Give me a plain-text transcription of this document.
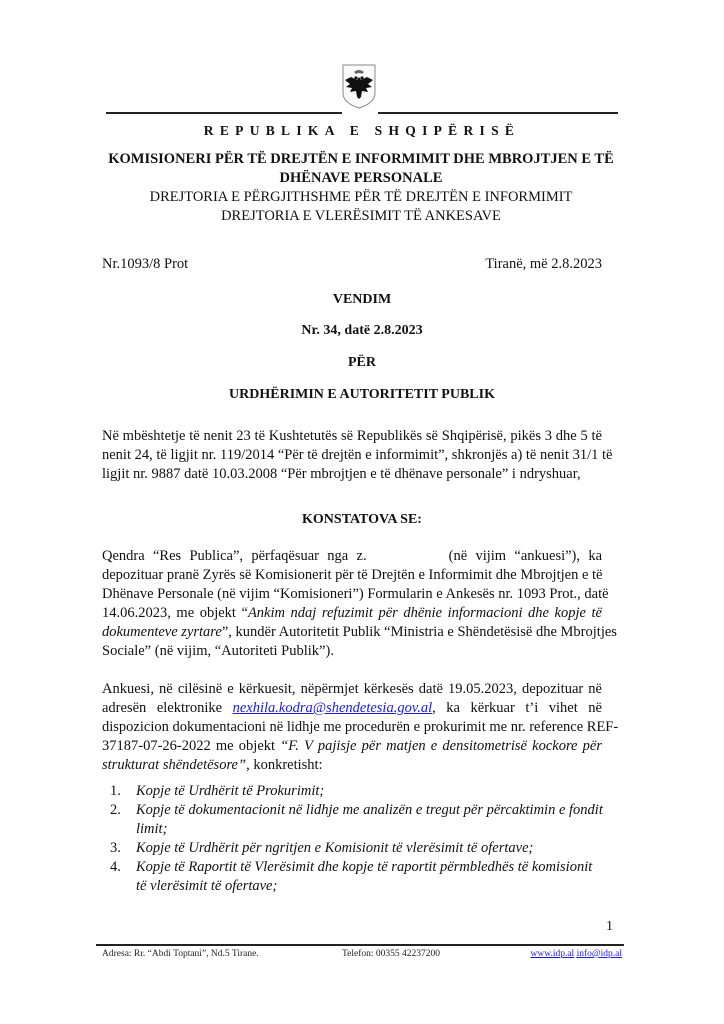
REPUBLIKA E SHQIPËRISË
KOMISIONERI PËR TË DREJTËN E INFORMIMIT DHE MBROJTJEN E TË
DHËNAVE PERSONALE
DREJTORIA E PËRGJITHSHME PËR TË DREJTËN E INFORMIMIT
DREJTORIA E VLERËSIMIT TË ANKESAVE
Nr.1093/8 Prot	Tiranë, më 2.8.2023
VENDIM
Nr. 34, datë 2.8.2023
PËR
URDHËRIMIN E AUTORITETIT PUBLIK
Në mbështetje të nenit 23 të Kushtetutës së Republikës së Shqipërisë, pikës 3 dhe 5 të
nenit 24, të ligjit nr. 119/2014 “Për të drejtën e informimit”, shkronjës a) të nenit 31/1 të
ligjit nr. 9887 datë 10.03.2008 “Për mbrojtjen e të dhënave personale” i ndryshuar,
KONSTATOVA SE:
Qendra “Res Publica”, përfaqësuar nga z.	(në vijim “ankuesi”), ka
depozituar pranë Zyrës së Komisionerit për të Drejtën e Informimit dhe Mbrojtjen e të
Dhënave Personale (në vijim “Komisioneri”) Formularin e Ankesës nr. 1093 Prot., datë
14.06.2023, me objekt “Ankim ndaj refuzimit për dhënie informacioni dhe kopje të
dokumenteve zyrtare”, kundër Autoritetit Publik “Ministria e Shëndetësisë dhe Mbrojtjes
Sociale” (në vijim, “Autoriteti Publik”).
Ankuesi, në cilësinë e kërkuesit, nëpërmjet kërkesës datë 19.05.2023, depozituar në
adresën elektronike nexhila.kodra@shendetesia.gov.al, ka kërkuar t’i vihet në
dispozicion dokumentacioni në lidhje me procedurën e prokurimit me nr. reference REF-
37187-07-26-2022 me objekt “F. V pajisje për matjen e densitometrisë kockore për
strukturat shëndetësore”, konkretisht:
1. Kopje të Urdhërit të Prokurimit;
2. Kopje të dokumentacionit në lidhje me analizën e tregut për përcaktimin e fondit limit;
3. Kopje të Urdhërit për ngritjen e Komisionit të vlerësimit të ofertave;
4. Kopje të Raportit të Vlerësimit dhe kopje të raportit përmbledhës të komisionit të vlerësimit të ofertave;
1
Adresa: Rr. “Abdi Toptani”, Nd.5 Tirane.	Telefon: 00355 42237200	www.idp.al info@idp.al
